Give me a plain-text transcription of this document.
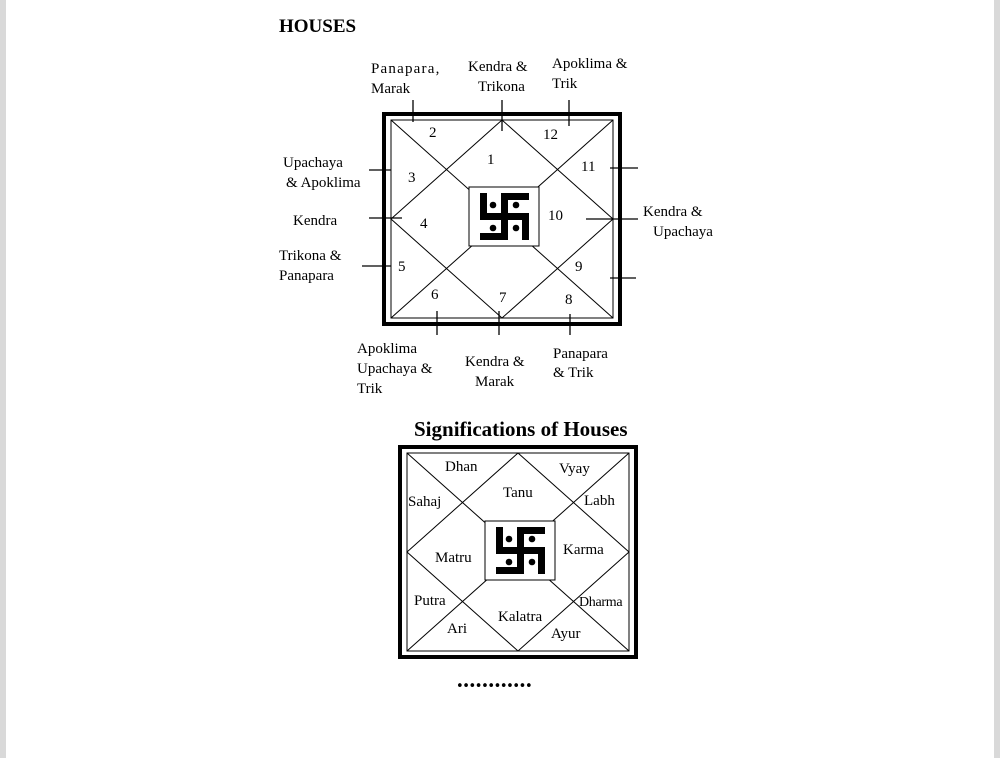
HOUSES
Significations of Houses
1
2
3
4
5
6	7	8
9
10
11
12
Panapara,
Marak
Kendra &
Trikona
Apoklima &
Trik
Upachaya
& Apoklima
Kendra
Trikona &
Panapara
Kendra &
Upachaya
Apoklima
Upachaya &
Trik
Kendra &
Marak
Panapara
& Trik
Dhan	Vyay
Sahaj
Tanu	Labh
Matru	Karma
Putra	Dharma
Ari
Kalatra
Ayur
••••••••••••
